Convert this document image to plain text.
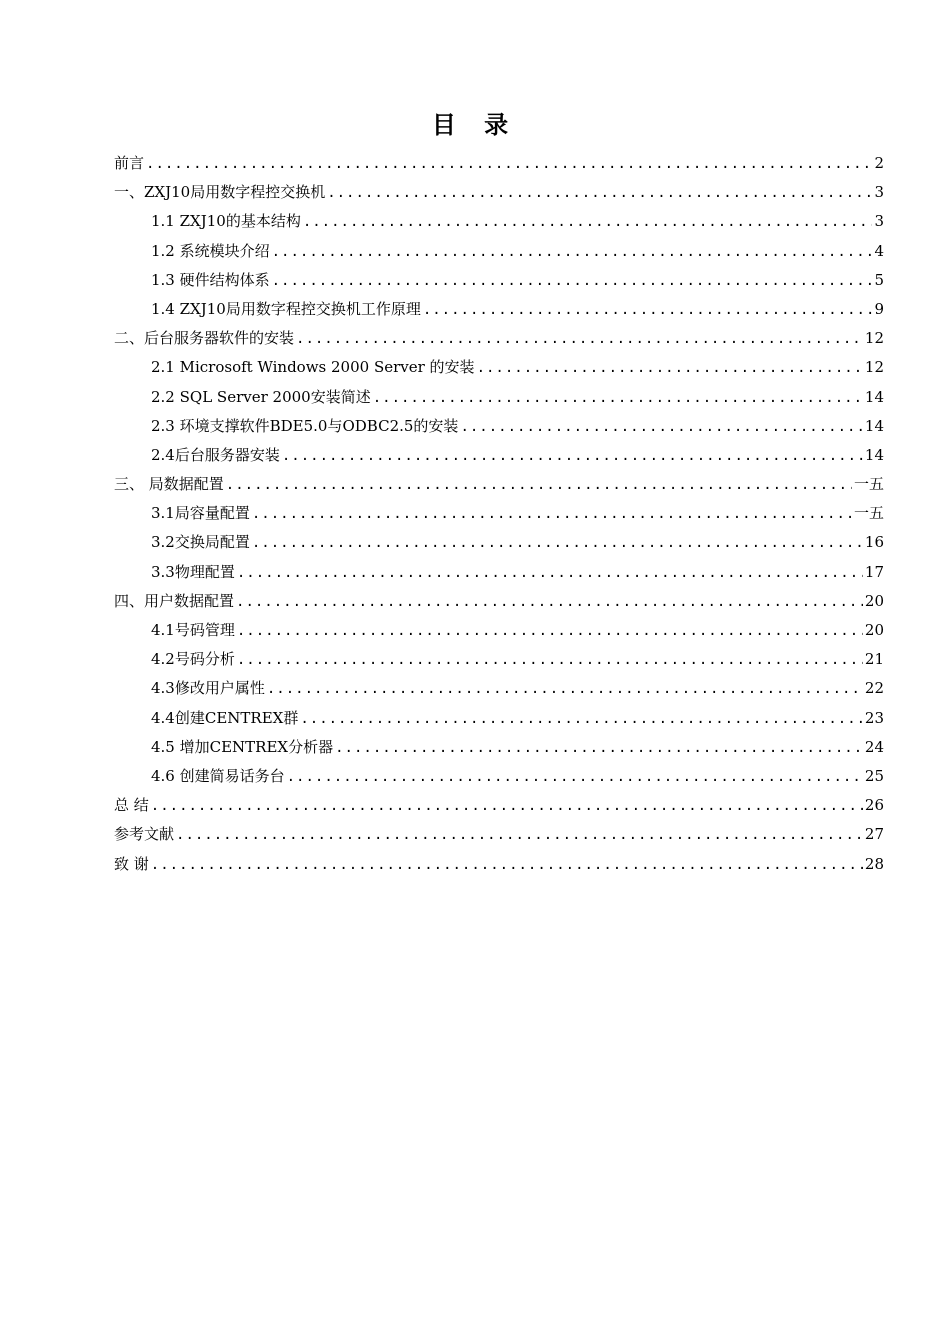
目 录
前言 .....	2
一、ZXJ10局用数字程控交换机 .....	3
1.1 ZXJ10的基本结构 .....	3
1.2 系统模块介绍 .....	4
1.3 硬件结构体系 .....	5
1.4 ZXJ10局用数字程控交换机工作原理 .....	9
二、后台服务器软件的安装 .....	12
2.1 Microsoft Windows 2000 Server 的安装 .....	12
2.2 SQL Server 2000安装简述 .....	14
2.3 环境支撑软件BDE5.0与ODBC2.5的安装 .....	14
2.4后台服务器安装 .....	14
三、 局数据配置 .....	一五
3.1局容量配置 .....	一五
3.2交换局配置 .....	16
3.3物理配置 .....	17
四、用户数据配置 .....	20
4.1号码管理 .....	20
4.2号码分析 .....	21
4.3修改用户属性 .....	22
4.4创建CENTREX群 .....	23
4.5 增加CENTREX分析器 .....	24
4.6 创建简易话务台 .....	25
总 结 .....	26
参考文献 .....	27
致 谢 .....	28
